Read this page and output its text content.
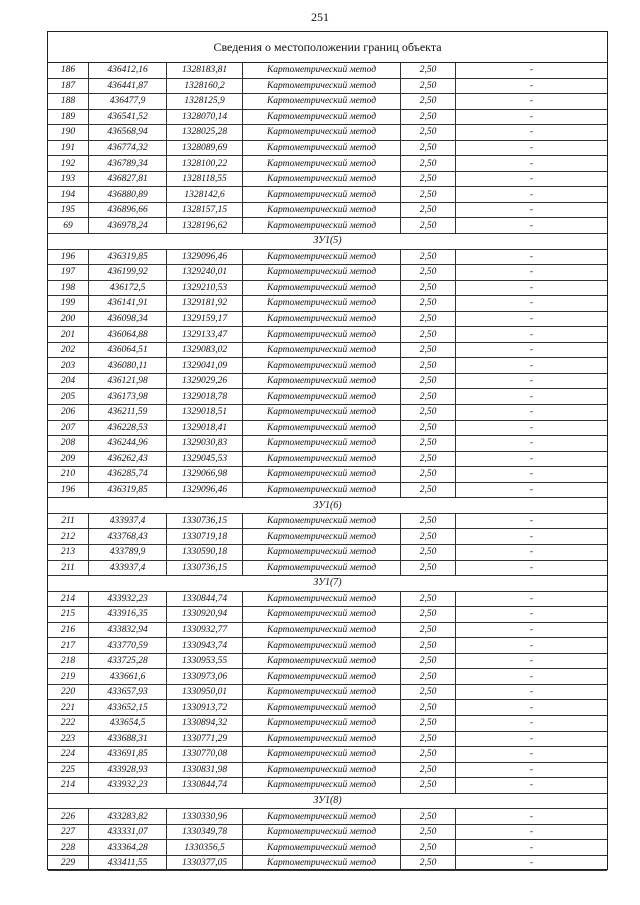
251
Сведения о местоположении границ объекта
186	436412,16	1328183,81	Картометрический метод	2,50	-
187	436441,87	1328160,2	Картометрический метод	2,50	-
188	436477,9	1328125,9	Картометрический метод	2,50	-
189	436541,52	1328070,14	Картометрический метод	2,50	-
190	436568,94	1328025,28	Картометрический метод	2,50	-
191	436774,32	1328089,69	Картометрический метод	2,50	-
192	436789,34	1328100,22	Картометрический метод	2,50	-
193	436827,81	1328118,55	Картометрический метод	2,50	-
194	436880,89	1328142,6	Картометрический метод	2,50	-
195	436896,66	1328157,15	Картометрический метод	2,50	-
69	436978,24	1328196,62	Картометрический метод	2,50	-
ЗУ1(5)					
196	436319,85	1329096,46	Картометрический метод	2,50	-
197	436199,92	1329240,01	Картометрический метод	2,50	-
198	436172,5	1329210,53	Картометрический метод	2,50	-
199	436141,91	1329181,92	Картометрический метод	2,50	-
200	436098,34	1329159,17	Картометрический метод	2,50	-
201	436064,88	1329133,47	Картометрический метод	2,50	-
202	436064,51	1329083,02	Картометрический метод	2,50	-
203	436080,11	1329041,09	Картометрический метод	2,50	-
204	436121,98	1329029,26	Картометрический метод	2,50	-
205	436173,98	1329018,78	Картометрический метод	2,50	-
206	436211,59	1329018,51	Картометрический метод	2,50	-
207	436228,53	1329018,41	Картометрический метод	2,50	-
208	436244,96	1329030,83	Картометрический метод	2,50	-
209	436262,43	1329045,53	Картометрический метод	2,50	-
210	436285,74	1329066,98	Картометрический метод	2,50	-
196	436319,85	1329096,46	Картометрический метод	2,50	-
ЗУ1(6)					
211	433937,4	1330736,15	Картометрический метод	2,50	-
212	433768,43	1330719,18	Картометрический метод	2,50	-
213	433789,9	1330590,18	Картометрический метод	2,50	-
211	433937,4	1330736,15	Картометрический метод	2,50	-
ЗУ1(7)					
214	433932,23	1330844,74	Картометрический метод	2,50	-
215	433916,35	1330920,94	Картометрический метод	2,50	-
216	433832,94	1330932,77	Картометрический метод	2,50	-
217	433770,59	1330943,74	Картометрический метод	2,50	-
218	433725,28	1330953,55	Картометрический метод	2,50	-
219	433661,6	1330973,06	Картометрический метод	2,50	-
220	433657,93	1330950,01	Картометрический метод	2,50	-
221	433652,15	1330913,72	Картометрический метод	2,50	-
222	433654,5	1330894,32	Картометрический метод	2,50	-
223	433688,31	1330771,29	Картометрический метод	2,50	-
224	433691,85	1330770,08	Картометрический метод	2,50	-
225	433928,93	1330831,98	Картометрический метод	2,50	-
214	433932,23	1330844,74	Картометрический метод	2,50	-
ЗУ1(8)					
226	433283,82	1330330,96	Картометрический метод	2,50	-
227	433331,07	1330349,78	Картометрический метод	2,50	-
228	433364,28	1330356,5	Картометрический метод	2,50	-
229	433411,55	1330377,05	Картометрический метод	2,50	-
